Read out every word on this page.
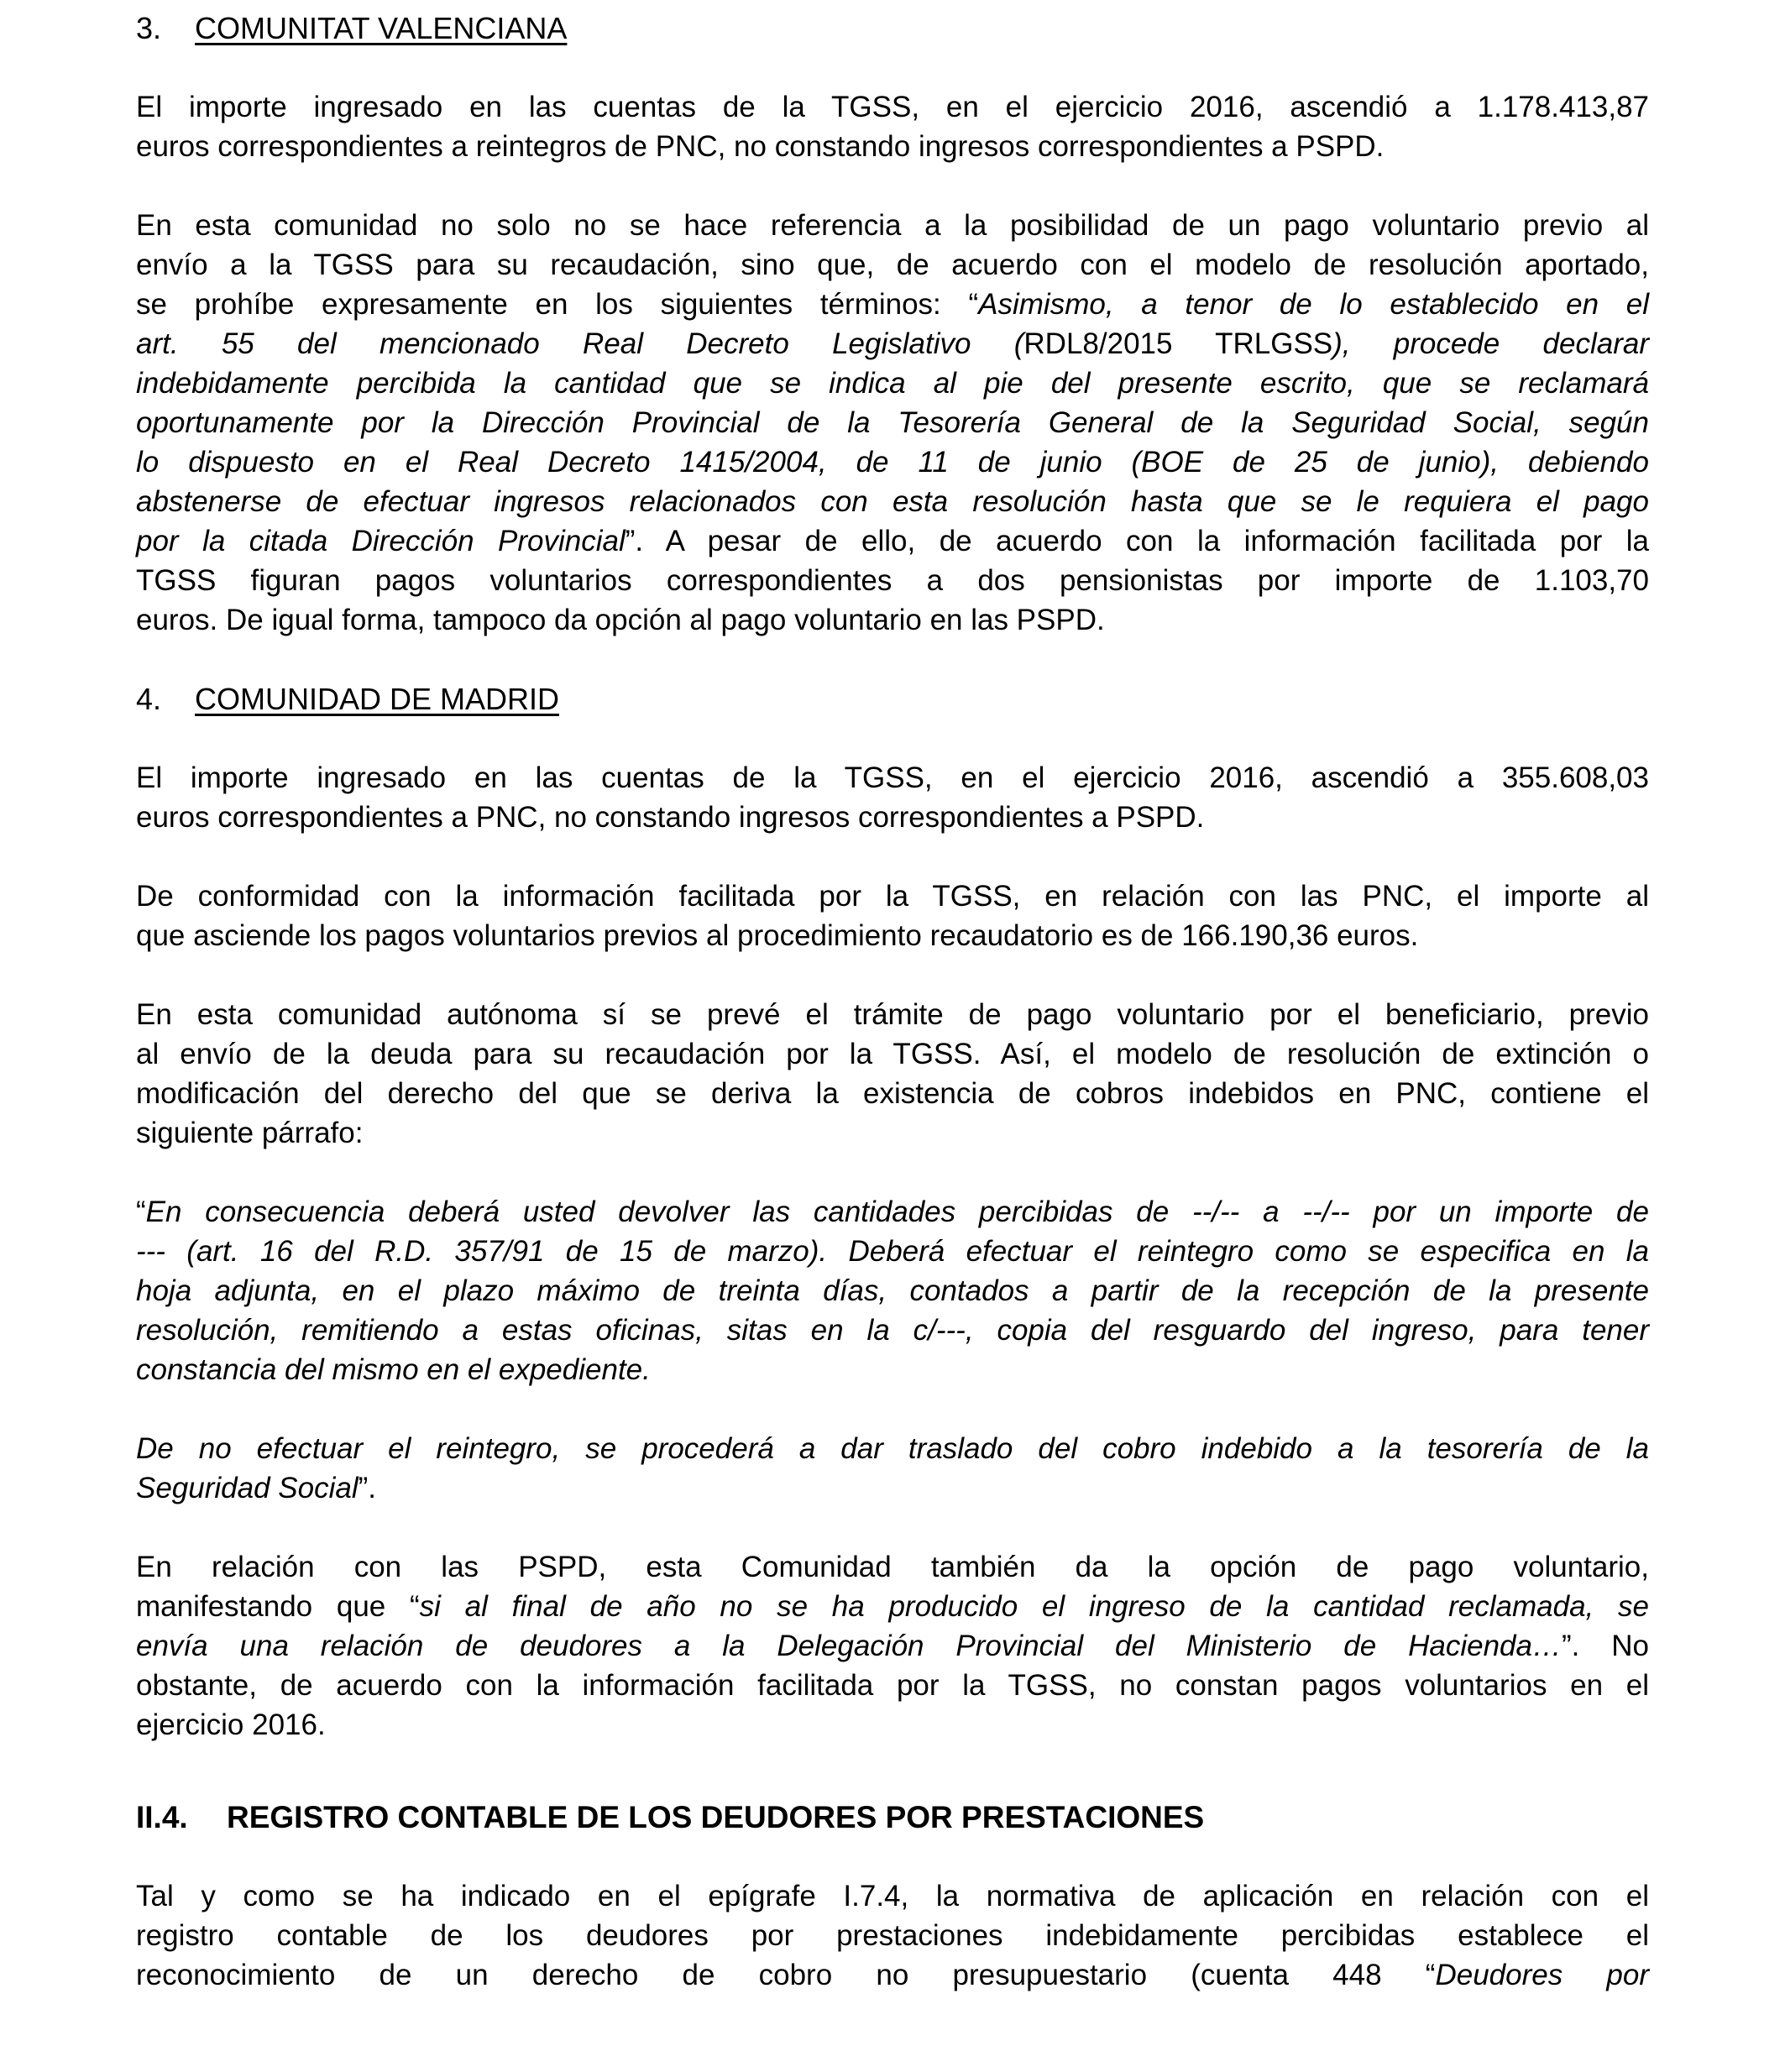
3. COMUNITAT VALENCIANA
El importe ingresado en las cuentas de la TGSS, en el ejercicio 2016, ascendió a 1.178.413,87
euros correspondientes a reintegros de PNC, no constando ingresos correspondientes a PSPD.
En esta comunidad no solo no se hace referencia a la posibilidad de un pago voluntario previo al
envío a la TGSS para su recaudación, sino que, de acuerdo con el modelo de resolución aportado,
se prohíbe expresamente en los siguientes términos: “Asimismo, a tenor de lo establecido en el
art. 55 del mencionado Real Decreto Legislativo (RDL8/2015 TRLGSS), procede declarar
indebidamente percibida la cantidad que se indica al pie del presente escrito, que se reclamará
oportunamente por la Dirección Provincial de la Tesorería General de la Seguridad Social, según
lo dispuesto en el Real Decreto 1415/2004, de 11 de junio (BOE de 25 de junio), debiendo
abstenerse de efectuar ingresos relacionados con esta resolución hasta que se le requiera el pago
por la citada Dirección Provincial”. A pesar de ello, de acuerdo con la información facilitada por la
TGSS figuran pagos voluntarios correspondientes a dos pensionistas por importe de 1.103,70
euros. De igual forma, tampoco da opción al pago voluntario en las PSPD.
4. COMUNIDAD DE MADRID
El importe ingresado en las cuentas de la TGSS, en el ejercicio 2016, ascendió a 355.608,03
euros correspondientes a PNC, no constando ingresos correspondientes a PSPD.
De conformidad con la información facilitada por la TGSS, en relación con las PNC, el importe al
que asciende los pagos voluntarios previos al procedimiento recaudatorio es de 166.190,36 euros.
En esta comunidad autónoma sí se prevé el trámite de pago voluntario por el beneficiario, previo
al envío de la deuda para su recaudación por la TGSS. Así, el modelo de resolución de extinción o
modificación del derecho del que se deriva la existencia de cobros indebidos en PNC, contiene el
siguiente párrafo:
“En consecuencia deberá usted devolver las cantidades percibidas de --/-- a --/-- por un importe de
--- (art. 16 del R.D. 357/91 de 15 de marzo). Deberá efectuar el reintegro como se especifica en la
hoja adjunta, en el plazo máximo de treinta días, contados a partir de la recepción de la presente
resolución, remitiendo a estas oficinas, sitas en la c/---, copia del resguardo del ingreso, para tener
constancia del mismo en el expediente.
De no efectuar el reintegro, se procederá a dar traslado del cobro indebido a la tesorería de la
Seguridad Social”.
En relación con las PSPD, esta Comunidad también da la opción de pago voluntario,
manifestando que “si al final de año no se ha producido el ingreso de la cantidad reclamada, se
envía una relación de deudores a la Delegación Provincial del Ministerio de Hacienda…”. No
obstante, de acuerdo con la información facilitada por la TGSS, no constan pagos voluntarios en el
ejercicio 2016.
II.4. REGISTRO CONTABLE DE LOS DEUDORES POR PRESTACIONES
Tal y como se ha indicado en el epígrafe I.7.4, la normativa de aplicación en relación con el
registro contable de los deudores por prestaciones indebidamente percibidas establece el
reconocimiento de un derecho de cobro no presupuestario (cuenta 448 “Deudores por
